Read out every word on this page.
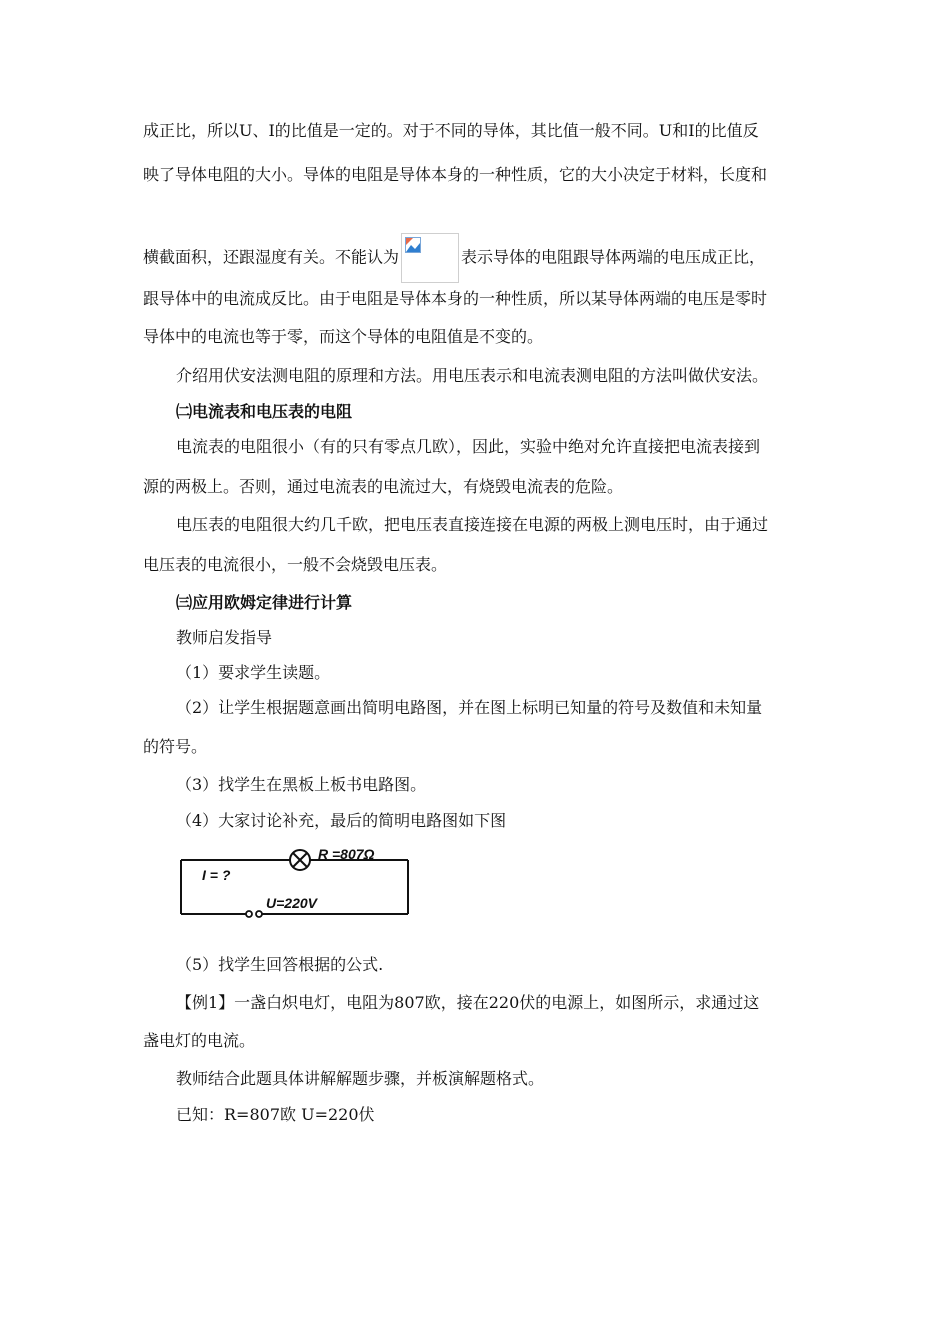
成正比，所以U、I的比值是一定的。对于不同的导体，其比值一般不同。U和I的比值反
映了导体电阻的大小。导体的电阻是导体本身的一种性质，它的大小决定于材料，长度和
横截面积，还跟湿度有关。不能认为	表示导体的电阻跟导体两端的电压成正比，
跟导体中的电流成反比。由于电阻是导体本身的一种性质，所以某导体两端的电压是零时
导体中的电流也等于零，而这个导体的电阻值是不变的。
介绍用伏安法测电阻的原理和方法。用电压表示和电流表测电阻的方法叫做伏安法。
㈡电流表和电压表的电阻
电流表的电阻很小（有的只有零点几欧），因此，实验中绝对允许直接把电流表接到
源的两极上。否则，通过电流表的电流过大，有烧毁电流表的危险。
电压表的电阻很大约几千欧，把电压表直接连接在电源的两极上测电压时，由于通过
电压表的电流很小，一般不会烧毁电压表。
㈢应用欧姆定律进行计算
教师启发指导
（1）要求学生读题。
（2）让学生根据题意画出简明电路图，并在图上标明已知量的符号及数值和未知量
的符号。
（3）找学生在黑板上板书电路图。
（4）大家讨论补充，最后的简明电路图如下图
R =807Ω
I = ?
U=220V
（5）找学生回答根据的公式.
【例1】一盏白炽电灯，电阻为807欧，接在220伏的电源上，如图所示，求通过这
盏电灯的电流。
教师结合此题具体讲解解题步骤，并板演解题格式。
已知：R=807欧 U=220伏
